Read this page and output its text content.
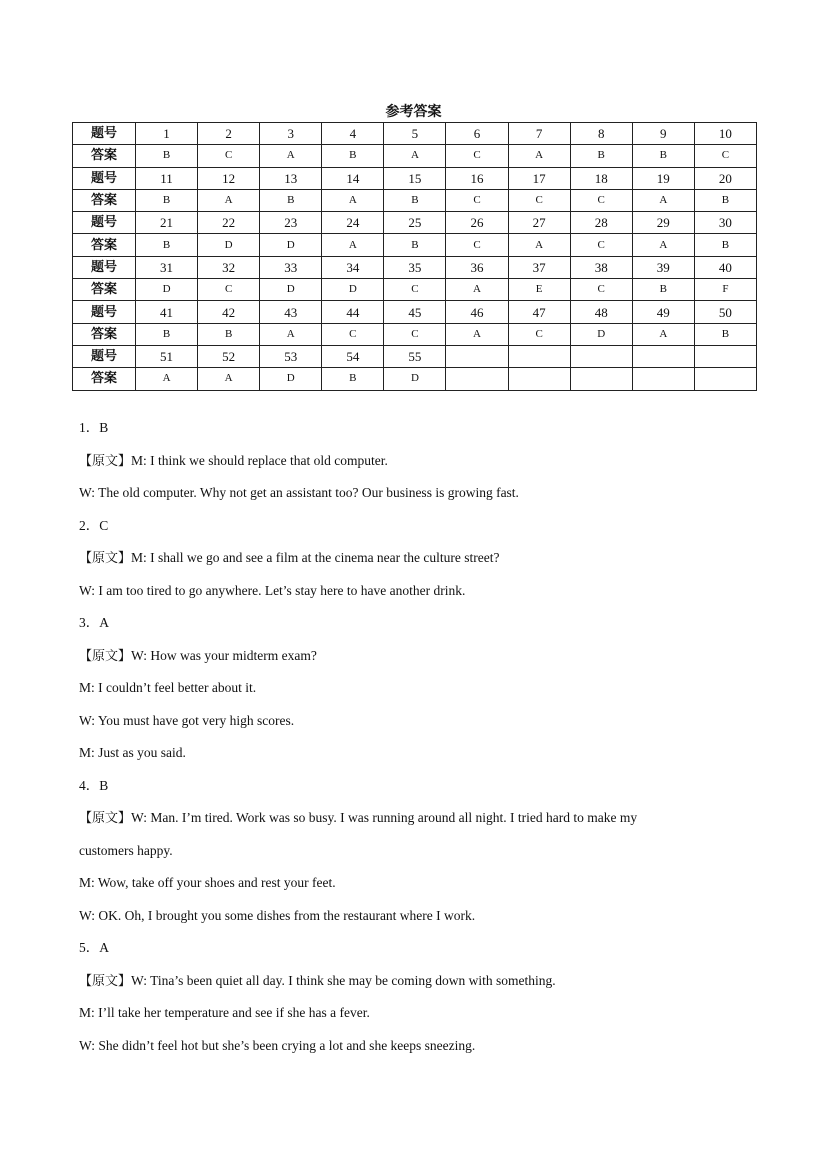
参考答案
题号	1	2	3	4	5	6	7	8	9	10
答案	B	C	A	B	A	C	A	B	B	C
题号	11	12	13	14	15	16	17	18	19	20
答案	B	A	B	A	B	C	C	C	A	B
题号	21	22	23	24	25	26	27	28	29	30
答案	B	D	D	A	B	C	A	C	A	B
题号	31	32	33	34	35	36	37	38	39	40
答案	D	C	D	D	C	A	E	C	B	F
题号	41	42	43	44	45	46	47	48	49	50
答案	B	B	A	C	C	A	C	D	A	B
题号	51	52	53	54	55					
答案	A	A	D	B	D					
1．B
【原文】M: I think we should replace that old computer.
W: The old computer. Why not get an assistant too? Our business is growing fast.
2．C
【原文】M: I shall we go and see a film at the cinema near the culture street?
W: I am too tired to go anywhere. Let’s stay here to have another drink.
3．A
【原文】W: How was your midterm exam?
M: I couldn’t feel better about it.
W: You must have got very high scores.
M: Just as you said.
4．B
【原文】W: Man. I’m tired. Work was so busy. I was running around all night. I tried hard to make my
customers happy.
M: Wow, take off your shoes and rest your feet.
W: OK. Oh, I brought you some dishes from the restaurant where I work.
5．A
【原文】W: Tina’s been quiet all day. I think she may be coming down with something.
M: I’ll take her temperature and see if she has a fever.
W: She didn’t feel hot but she’s been crying a lot and she keeps sneezing.
